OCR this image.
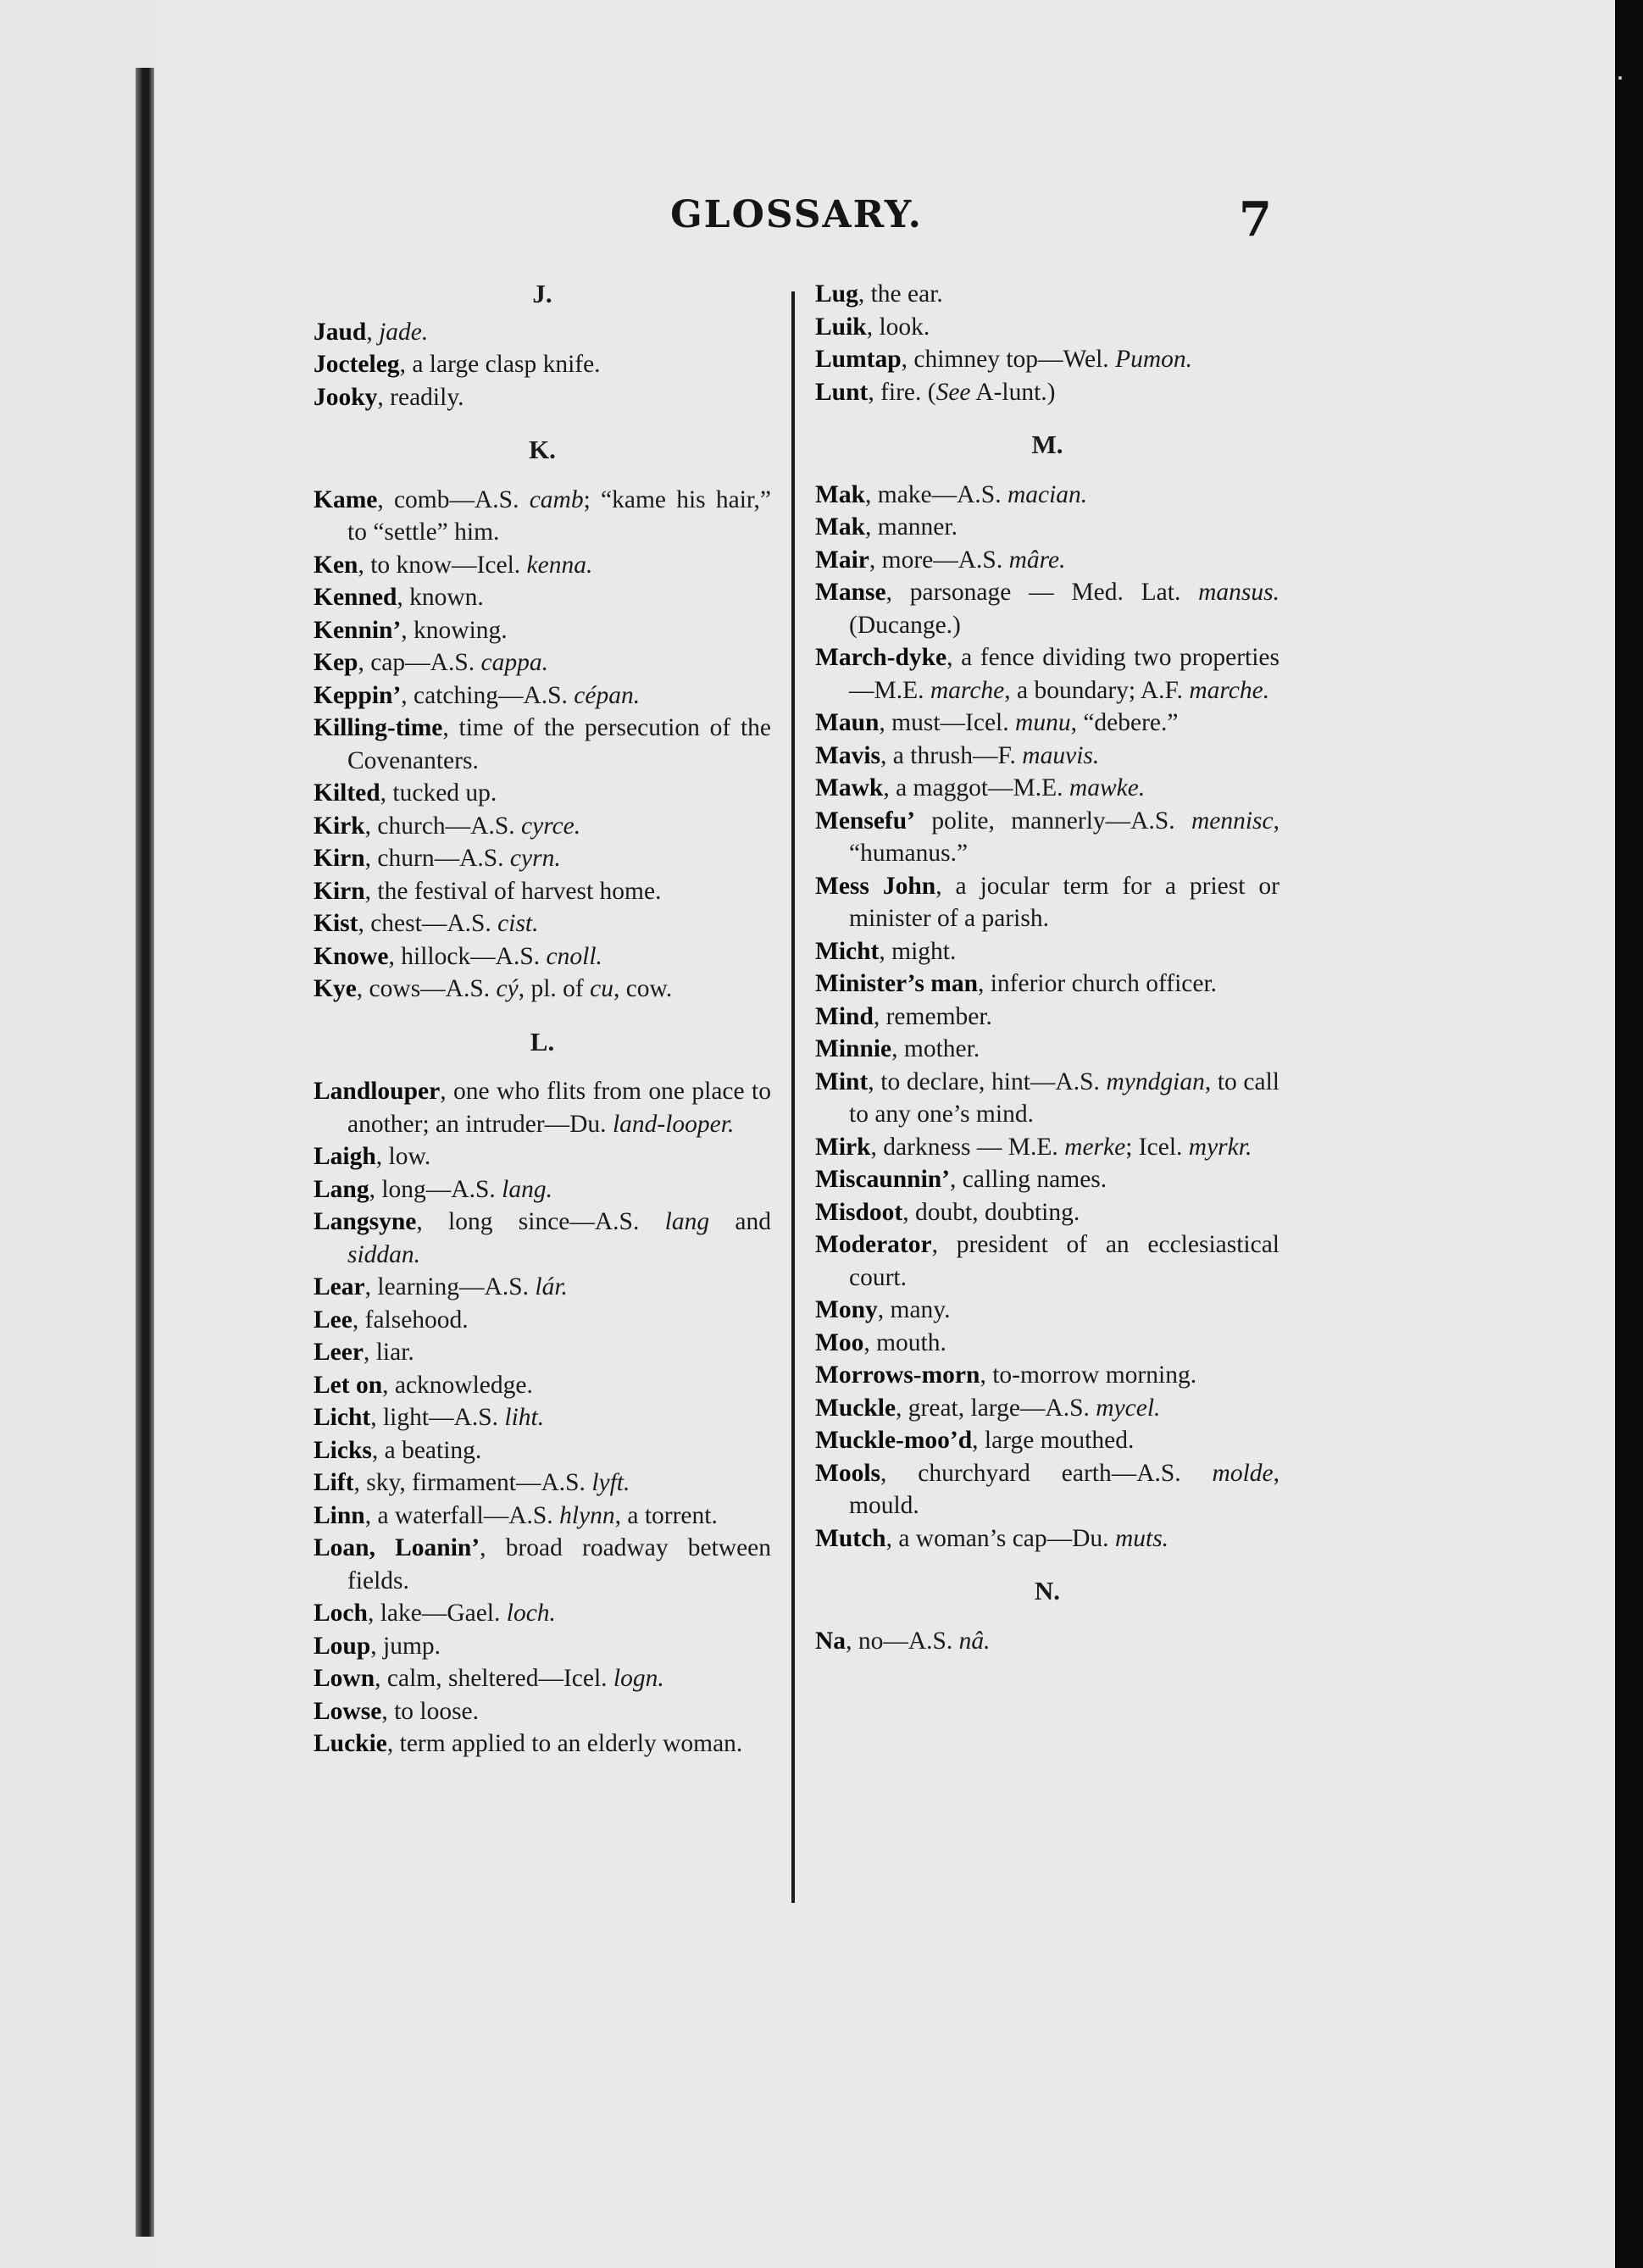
GLOSSARY.	7
J.
Jaud, jade.
Jocteleg, a large clasp knife.
Jooky, readily.
K.
Kame, comb—A.S. camb; “kame his hair,” to “settle” him.
Ken, to know—Icel. kenna.
Kenned, known.
Kennin’, knowing.
Kep, cap—A.S. cappa.
Keppin’, catching—A.S. cépan.
Killing-time, time of the persecution of the Covenanters.
Kilted, tucked up.
Kirk, church—A.S. cyrce.
Kirn, churn—A.S. cyrn.
Kirn, the festival of harvest home.
Kist, chest—A.S. cist.
Knowe, hillock—A.S. cnoll.
Kye, cows—A.S. cý, pl. of cu, cow.
L.
Landlouper, one who flits from one place to another; an intruder—Du. land-looper.
Laigh, low.
Lang, long—A.S. lang.
Langsyne, long since—A.S. lang and siddan.
Lear, learning—A.S. lár.
Lee, falsehood.
Leer, liar.
Let on, acknowledge.
Licht, light—A.S. liht.
Licks, a beating.
Lift, sky, firmament—A.S. lyft.
Linn, a waterfall—A.S. hlynn, a torrent.
Loan, Loanin’, broad roadway between fields.
Loch, lake—Gael. loch.
Loup, jump.
Lown, calm, sheltered—Icel. logn.
Lowse, to loose.
Luckie, term applied to an elderly woman.
Lug, the ear.
Luik, look.
Lumtap, chimney top—Wel. Pumon.
Lunt, fire. (See A-lunt.)
M.
Mak, make—A.S. macian.
Mak, manner.
Mair, more—A.S. mâre.
Manse, parsonage — Med. Lat. mansus. (Ducange.)
March-dyke, a fence dividing two properties—M.E. marche, a boundary; A.F. marche.
Maun, must—Icel. munu, “debere.”
Mavis, a thrush—F. mauvis.
Mawk, a maggot—M.E. mawke.
Mensefu’ polite, mannerly—A.S. mennisc, “humanus.”
Mess John, a jocular term for a priest or minister of a parish.
Micht, might.
Minister’s man, inferior church officer.
Mind, remember.
Minnie, mother.
Mint, to declare, hint—A.S. myndgian, to call to any one’s mind.
Mirk, darkness — M.E. merke; Icel. myrkr.
Miscaunnin’, calling names.
Misdoot, doubt, doubting.
Moderator, president of an ecclesiastical court.
Mony, many.
Moo, mouth.
Morrows-morn, to-morrow morning.
Muckle, great, large—A.S. mycel.
Muckle-moo’d, large mouthed.
Mools, churchyard earth—A.S. molde, mould.
Mutch, a woman’s cap—Du. muts.
N.
Na, no—A.S. nâ.
